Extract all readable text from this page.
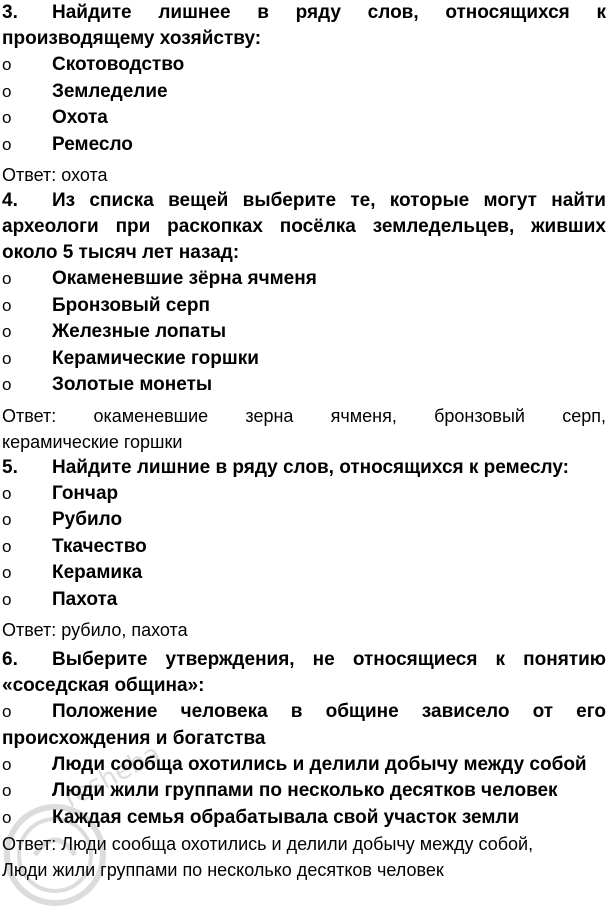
3.	Найдите лишнее в ряду слов, относящихся к
производящему хозяйству:
o	Скотоводство
o	Земледелие
o	Охота
o	Ремесло
Ответ: охота
4.	Из списка вещей выберите те, которые могут найти
археологи при раскопках посёлка земледельцев, живших
около 5 тысяч лет назад:
o	Окаменевшие зёрна ячменя
o	Бронзовый серп
o	Железные лопаты
o	Керамические горшки
o	Золотые монеты
Ответ: окаменевшие зерна ячменя, бронзовый серп,
керамические горшки
5.	Найдите лишние в ряду слов, относящихся к ремеслу:
o	Гончар
o	Рубило
o	Ткачество
o	Керамика
o	Пахота
Ответ: рубило, пахота
6.	Выберите утверждения, не относящиеся к понятию
«соседская община»:
o	Положение человека в общине зависело от его
происхождения и богатства
o	Люди сообща охотились и делили добычу между собой
o	Люди жили группами по несколько десятков человек
o	Каждая семья обрабатывала свой участок земли
Ответ: Люди сообща охотились и делили добычу между собой,
Люди жили группами по несколько десятков человек
resheba
